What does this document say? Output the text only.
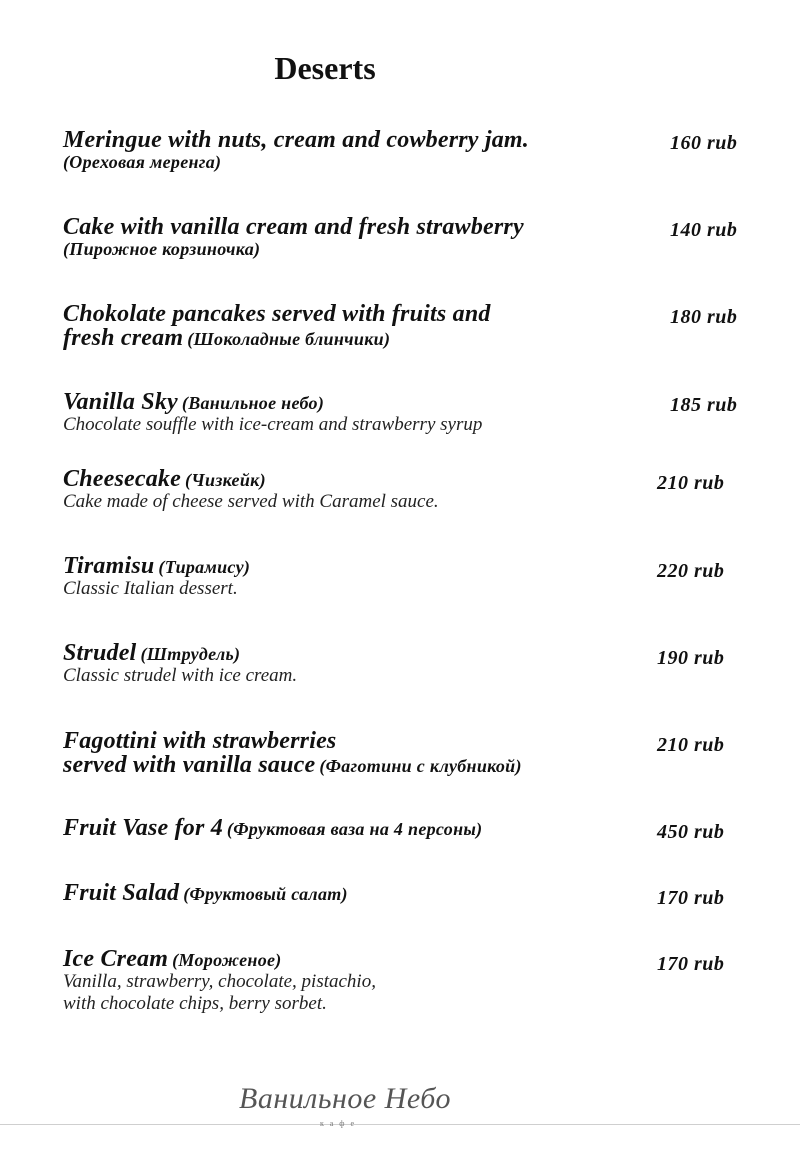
Deserts
Meringue with nuts, cream and cowberry jam.
(Ореховая меренга)
160 rub
Cake with vanilla cream and fresh strawberry
(Пирожное корзиночка)
140 rub
Chokolate pancakes served with fruits and
fresh cream (Шоколадные блинчики)
180 rub
Vanilla Sky (Ванильное небо)
Chocolate souffle with ice-cream and strawberry syrup
185 rub
Cheesecake (Чизкейк)
Cake made of cheese served with Caramel sauce.
210 rub
Tiramisu (Тирамису)
Classic Italian dessert.
220 rub
Strudel (Штрудель)
Classic strudel with ice cream.
190 rub
Fagottini with strawberries
served with vanilla sauce (Фаготини с клубникой)
210 rub
Fruit Vase for 4 (Фруктовая ваза на 4 персоны)	450 rub
Fruit Salad (Фруктовый салат)	170 rub
Ice Cream (Мороженое)
Vanilla, strawberry, chocolate, pistachio,
with chocolate chips, berry sorbet.
170 rub
Ванильное Небо
кафе
